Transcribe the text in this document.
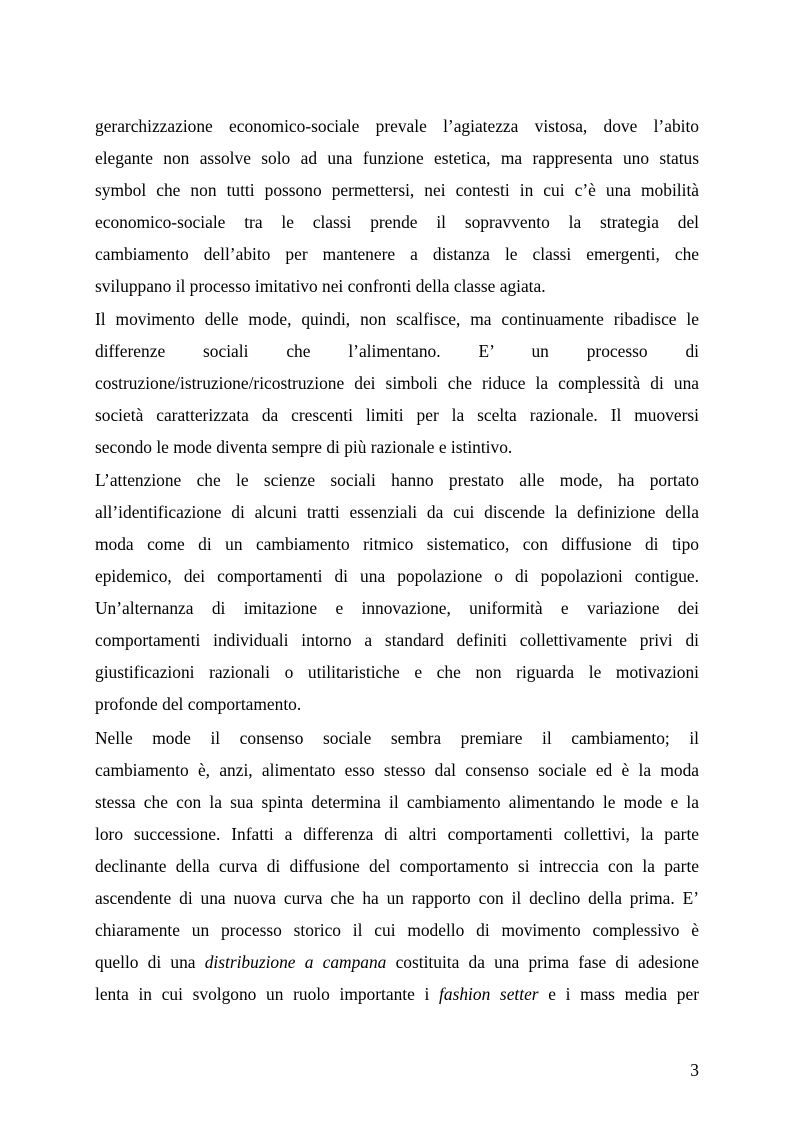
gerarchizzazione economico-sociale prevale l’agiatezza vistosa, dove l’abito
elegante non assolve solo ad una funzione estetica, ma rappresenta uno status
symbol che non tutti possono permettersi, nei contesti in cui c’è una mobilità
economico-sociale tra le classi prende il sopravvento la strategia del
cambiamento dell’abito per mantenere a distanza le classi emergenti, che
sviluppano il processo imitativo nei confronti della classe agiata.
Il movimento delle mode, quindi, non scalfisce, ma continuamente ribadisce le
differenze sociali che l’alimentano. E’ un processo di
costruzione/istruzione/ricostruzione dei simboli che riduce la complessità di una
società caratterizzata da crescenti limiti per la scelta razionale. Il muoversi
secondo le mode diventa sempre di più razionale e istintivo.
L’attenzione che le scienze sociali hanno prestato alle mode, ha portato
all’identificazione di alcuni tratti essenziali da cui discende la definizione della
moda come di un cambiamento ritmico sistematico, con diffusione di tipo
epidemico, dei comportamenti di una popolazione o di popolazioni contigue.
Un’alternanza di imitazione e innovazione, uniformità e variazione dei
comportamenti individuali intorno a standard definiti collettivamente privi di
giustificazioni razionali o utilitaristiche e che non riguarda le motivazioni
profonde del comportamento.
Nelle mode il consenso sociale sembra premiare il cambiamento; il
cambiamento è, anzi, alimentato esso stesso dal consenso sociale ed è la moda
stessa che con la sua spinta determina il cambiamento alimentando le mode e la
loro successione. Infatti a differenza di altri comportamenti collettivi, la parte
declinante della curva di diffusione del comportamento si intreccia con la parte
ascendente di una nuova curva che ha un rapporto con il declino della prima. E’
chiaramente un processo storico il cui modello di movimento complessivo è
quello di una distribuzione a campana costituita da una prima fase di adesione
lenta in cui svolgono un ruolo importante i fashion setter e i mass media per
3
